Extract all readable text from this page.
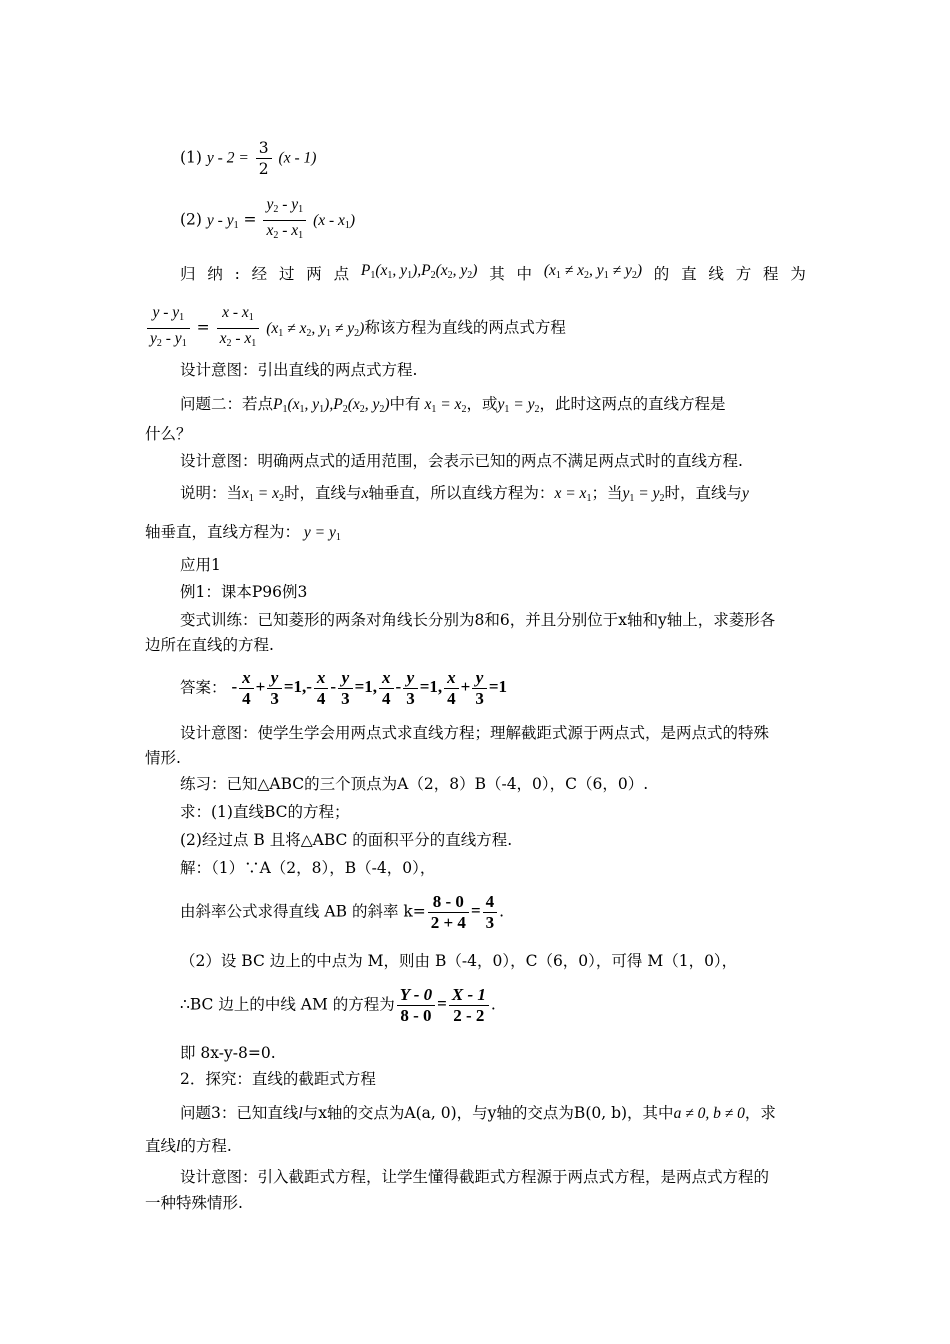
(1) $y - 2 = \frac{3}{2} (x - 1)$
(2) $y - y_1 = \frac{y_2 - y_1}{x_2 - x_1} (x - x_1)$
归 纳 : 经 过 两 点 $P_1(x_1$, $y_1),P_2(x_2$, $y_2$) 其 中 ($x_1 \ne x_2$, $y_1 \ne y_2$) 的 直 线 方 程 为
$\frac{y - y_1}{y_2 - y_1} = \frac{x - x_1}{x_2 - x_1} (x_1 \ne x_2$, $y_1 \ne y_2$)称该方程为直线的两点式方程
设计意图：引出直线的两点式方程.
问题二：若点$P_1(x_1$, $y_1),P_2(x_2$, $y_2$)中有 $x_1 = x_2$，或$y_1 = y_2$，此时这两点的直线方程是
什么？
设计意图：明确两点式的适用范围，会表示已知的两点不满足两点式时的直线方程.
说明：当$x_1 = x_2$时，直线与x轴垂直，所以直线方程为：$x = x_1$；当$y_1 = y_2$时，直线与y
轴垂直，直线方程为： $y = y_1$
应用1
例1：课本P96例3
变式训练：已知菱形的两条对角线长分别为8和6，并且分别位于x轴和y轴上，求菱形各
边所在直线的方程.
答案： - $\frac{x}{4} + \frac{y}{3} =1,- \frac{x}{4} - \frac{y}{3} =1$, $\frac{x}{4} - \frac{y}{3} =1$, $\frac{x}{4} + \frac{y}{3} =1$
设计意图：使学生学会用两点式求直线方程；理解截距式源于两点式，是两点式的特殊
情形.
练习：已知△ABC的三个顶点为A（2，8）B（-4，0），C（6，0）.
求：(1)直线BC的方程；
(2)经过点 B 且将△ABC 的面积平分的直线方程.
解：（1）∵A（2，8），B（-4，0），
由斜率公式求得直线 AB 的斜率 $k= \frac{8 - 0}{2 + 4} = \frac{4}{3}$ .
（2）设 BC 边上的中点为 M，则由 B（-4，0），C（6，0），可得 M（1，0），
∴BC 边上的中线 AM 的方程为 $\frac{Y - 0}{8 - 0} = \frac{X - 1}{2 - 2}$ .
即 8x-y-8=0.
2．探究：直线的截距式方程
问题3：已知直线l与x轴的交点为A(a, 0)，与y轴的交点为B(0, b)，其中a ≠ 0, b ≠ 0，求
直线l的方程.
设计意图：引入截距式方程，让学生懂得截距式方程源于两点式方程，是两点式方程的
一种特殊情形.
